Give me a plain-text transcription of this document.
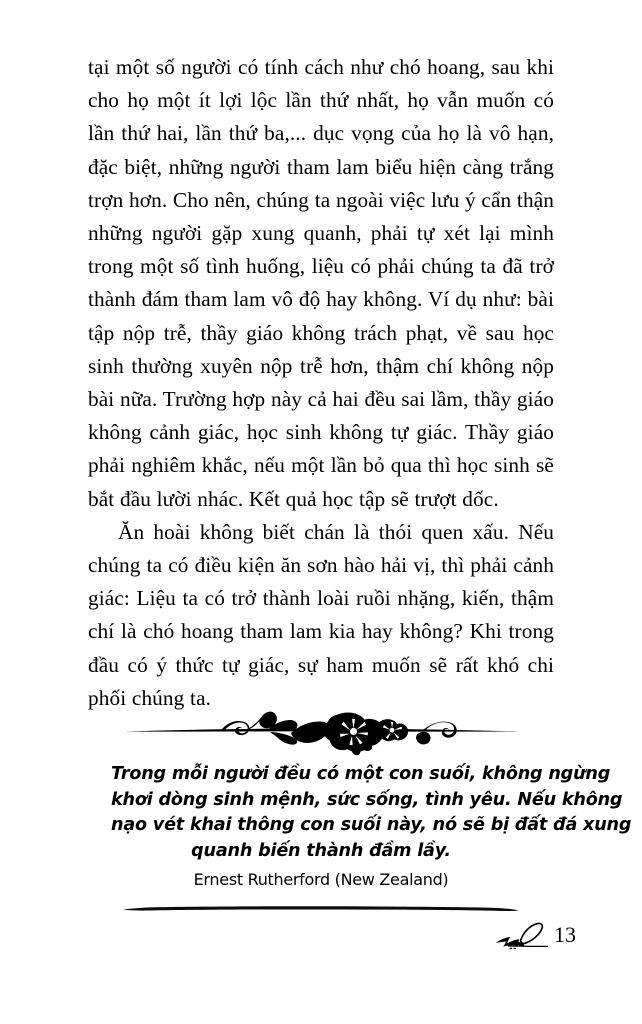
tại một số người có tính cách như chó hoang, sau khi cho họ một ít lợi lộc lần thứ nhất, họ vẫn muốn có lần thứ hai, lần thứ ba,... dục vọng của họ là vô hạn, đặc biệt, những người tham lam biểu hiện càng trắng trợn hơn. Cho nên, chúng ta ngoài việc lưu ý cẩn thận những người gặp xung quanh, phải tự xét lại mình trong một số tình huống, liệu có phải chúng ta đã trở thành đám tham lam vô độ hay không. Ví dụ như: bài tập nộp trễ, thầy giáo không trách phạt, về sau học sinh thường xuyên nộp trễ hơn, thậm chí không nộp bài nữa. Trường hợp này cả hai đều sai lầm, thầy giáo không cảnh giác, học sinh không tự giác. Thầy giáo phải nghiêm khắc, nếu một lần bỏ qua thì học sinh sẽ bắt đầu lười nhác. Kết quả học tập sẽ trượt dốc.

Ăn hoài không biết chán là thói quen xấu. Nếu chúng ta có điều kiện ăn sơn hào hải vị, thì phải cảnh giác: Liệu ta có trở thành loài ruồi nhặng, kiến, thậm chí là chó hoang tham lam kia hay không? Khi trong đầu có ý thức tự giác, sự ham muốn sẽ rất khó chi phối chúng ta.

Trong mỗi người đều có một con suối, không ngừng
khơi dòng sinh mệnh, sức sống, tình yêu. Nếu không
nạo vét khai thông con suối này, nó sẽ bị đất đá xung
quanh biến thành đầm lầy.
Ernest Rutherford (New Zealand)
13
